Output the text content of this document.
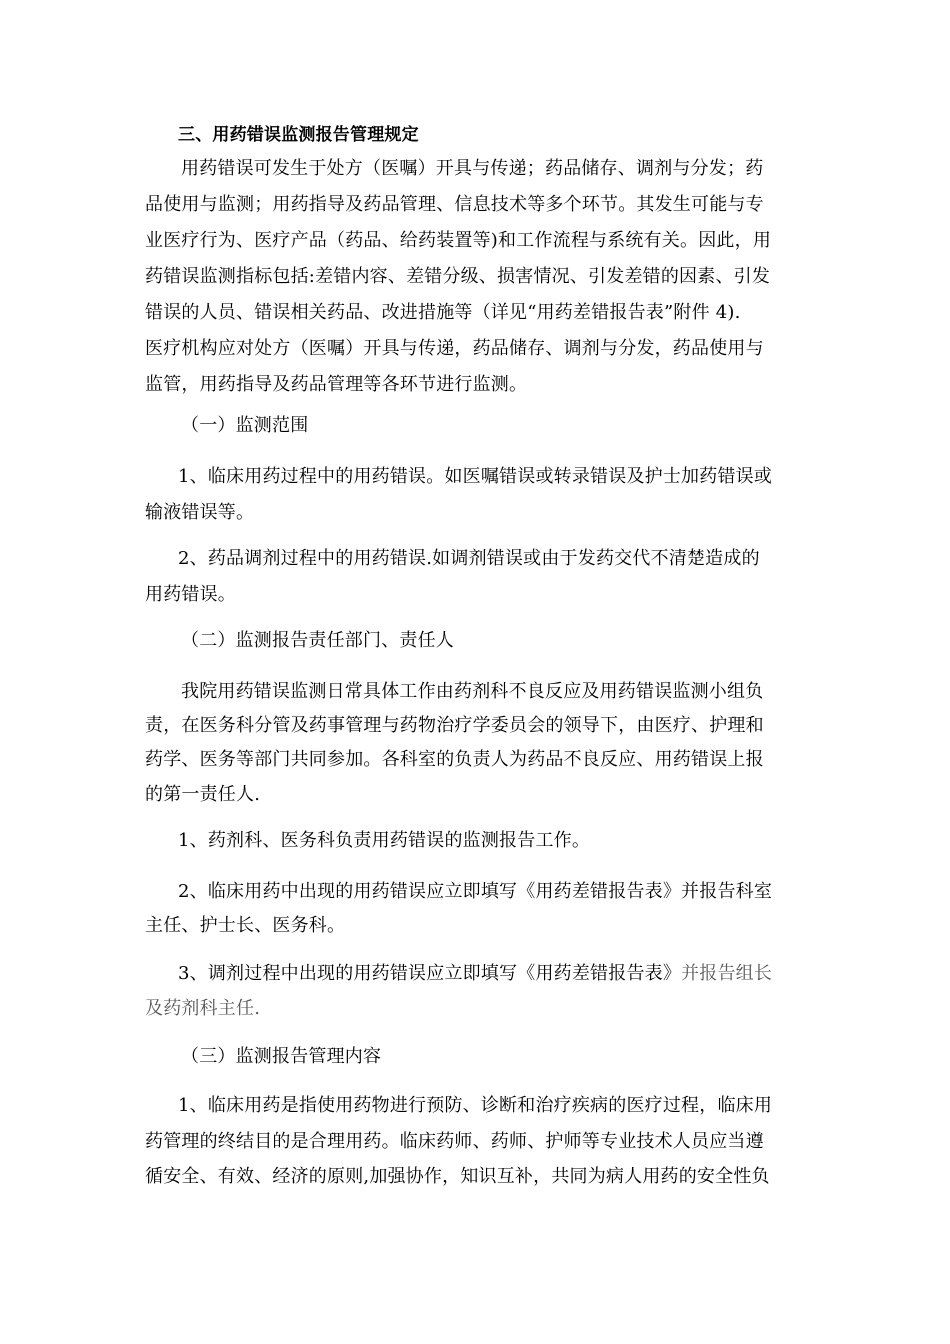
三、用药错误监测报告管理规定
用药错误可发生于处方（医嘱）开具与传递；药品储存、调剂与分发；药
品使用与监测；用药指导及药品管理、信息技术等多个环节。其发生可能与专
业医疗行为、医疗产品（药品、给药装置等)和工作流程与系统有关。因此，用
药错误监测指标包括:差错内容、差错分级、损害情况、引发差错的因素、引发
错误的人员、错误相关药品、改进措施等（详见“用药差错报告表”附件 4).
医疗机构应对处方（医嘱）开具与传递，药品储存、调剂与分发，药品使用与
监管，用药指导及药品管理等各环节进行监测。
（一）监测范围
1、临床用药过程中的用药错误。如医嘱错误或转录错误及护士加药错误或
输液错误等。
2、药品调剂过程中的用药错误.如调剂错误或由于发药交代不清楚造成的
用药错误。
（二）监测报告责任部门、责任人
我院用药错误监测日常具体工作由药剂科不良反应及用药错误监测小组负
责，在医务科分管及药事管理与药物治疗学委员会的领导下，由医疗、护理和
药学、医务等部门共同参加。各科室的负责人为药品不良反应、用药错误上报
的第一责任人.
1、药剂科、医务科负责用药错误的监测报告工作。
2、临床用药中出现的用药错误应立即填写《用药差错报告表》并报告科室
主任、护士长、医务科。
3、调剂过程中出现的用药错误应立即填写《用药差错报告表》并报告组长
及药剂科主任.
（三）监测报告管理内容
1、临床用药是指使用药物进行预防、诊断和治疗疾病的医疗过程，临床用
药管理的终结目的是合理用药。临床药师、药师、护师等专业技术人员应当遵
循安全、有效、经济的原则,加强协作，知识互补，共同为病人用药的安全性负
